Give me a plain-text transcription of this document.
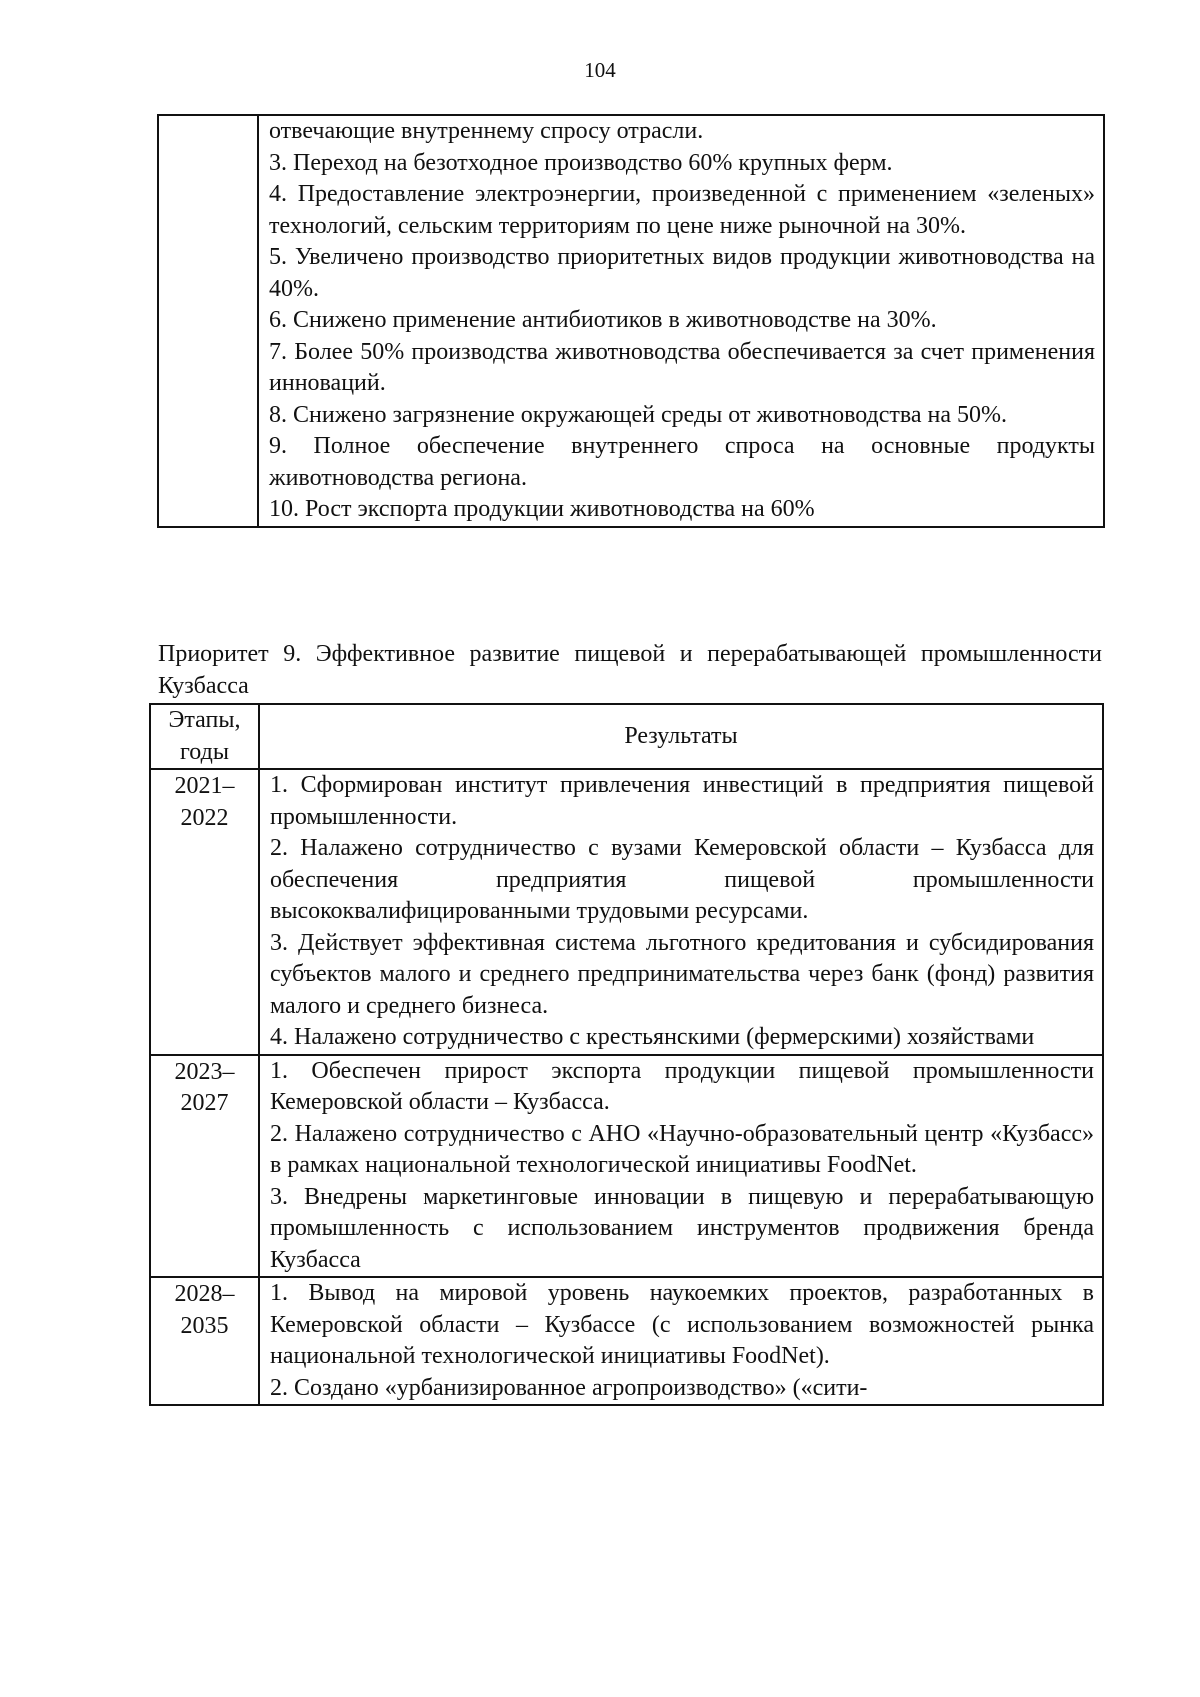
104

отвечающие внутреннему спросу отрасли.
3. Переход на безотходное производство 60% крупных ферм.
4. Предоставление электроэнергии, произведенной с применением «зеленых» технологий, сельским территориям по цене ниже рыночной на 30%.
5. Увеличено производство приоритетных видов продукции животноводства на 40%.
6. Снижено применение антибиотиков в животноводстве на 30%.
7. Более 50% производства животноводства обеспечивается за счет применения инноваций.
8. Снижено загрязнение окружающей среды от животноводства на 50%.
9. Полное обеспечение внутреннего спроса на основные продукты животноводства региона.
10. Рост экспорта продукции животноводства на 60%
Приоритет 9. Эффективное развитие пищевой и перерабатывающей промышленности Кузбасса
Этапы, годы	Результаты
2021– 2022	1. Сформирован институт привлечения инвестиций в предприятия пищевой промышленности.
2. Налажено сотрудничество с вузами Кемеровской области – Кузбасса для обеспечения предприятия пищевой промышленности высококвалифицированными трудовыми ресурсами.
3. Действует эффективная система льготного кредитования и субсидирования субъектов малого и среднего предпринимательства через банк (фонд) развития малого и среднего бизнеса.
4. Налажено сотрудничество с крестьянскими (фермерскими) хозяйствами

2023– 2027	1. Обеспечен прирост экспорта продукции пищевой промышленности Кемеровской области – Кузбасса.
2. Налажено сотрудничество с АНО «Научно-образовательный центр «Кузбасс» в рамках национальной технологической инициативы FoodNet.
3. Внедрены маркетинговые инновации в пищевую и перерабатывающую промышленность с использованием инструментов продвижения бренда Кузбасса

2028– 2035	1. Вывод на мировой уровень наукоемких проектов, разработанных в Кемеровской области – Кузбассе (с использованием возможностей рынка национальной технологической инициативы FoodNet).
2. Создано «урбанизированное агропроизводство» («сити-
